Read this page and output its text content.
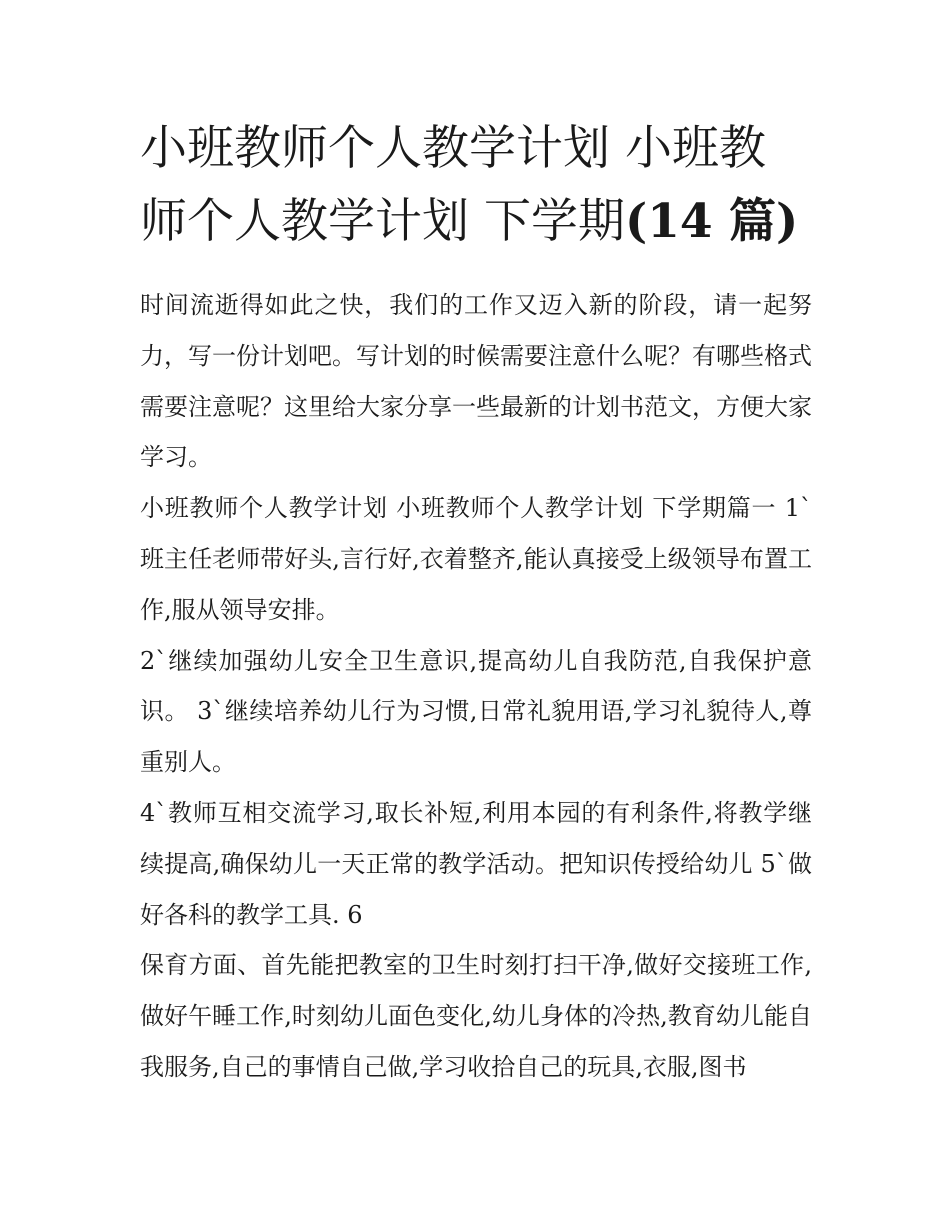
小班教师个人教学计划 小班教师个人教学计划 下学期(14 篇)

时间流逝得如此之快，我们的工作又迈入新的阶段，请一起努力，写一份计划吧。写计划的时候需要注意什么呢？有哪些格式需要注意呢？这里给大家分享一些最新的计划书范文，方便大家学习。

小班教师个人教学计划 小班教师个人教学计划 下学期篇一 1`班主任老师带好头,言行好,衣着整齐,能认真接受上级领导布置工作,服从领导安排。

2`继续加强幼儿安全卫生意识,提高幼儿自我防范,自我保护意识。 3`继续培养幼儿行为习惯,日常礼貌用语,学习礼貌待人,尊重别人。

4`教师互相交流学习,取长补短,利用本园的有利条件,将教学继续提高,确保幼儿一天正常的教学活动。把知识传授给幼儿 5`做好各科的教学工具. 6

保育方面、首先能把教室的卫生时刻打扫干净,做好交接班工作,做好午睡工作,时刻幼儿面色变化,幼儿身体的冷热,教育幼儿能自我服务,自己的事情自己做,学习收拾自己的玩具,衣服,图书
